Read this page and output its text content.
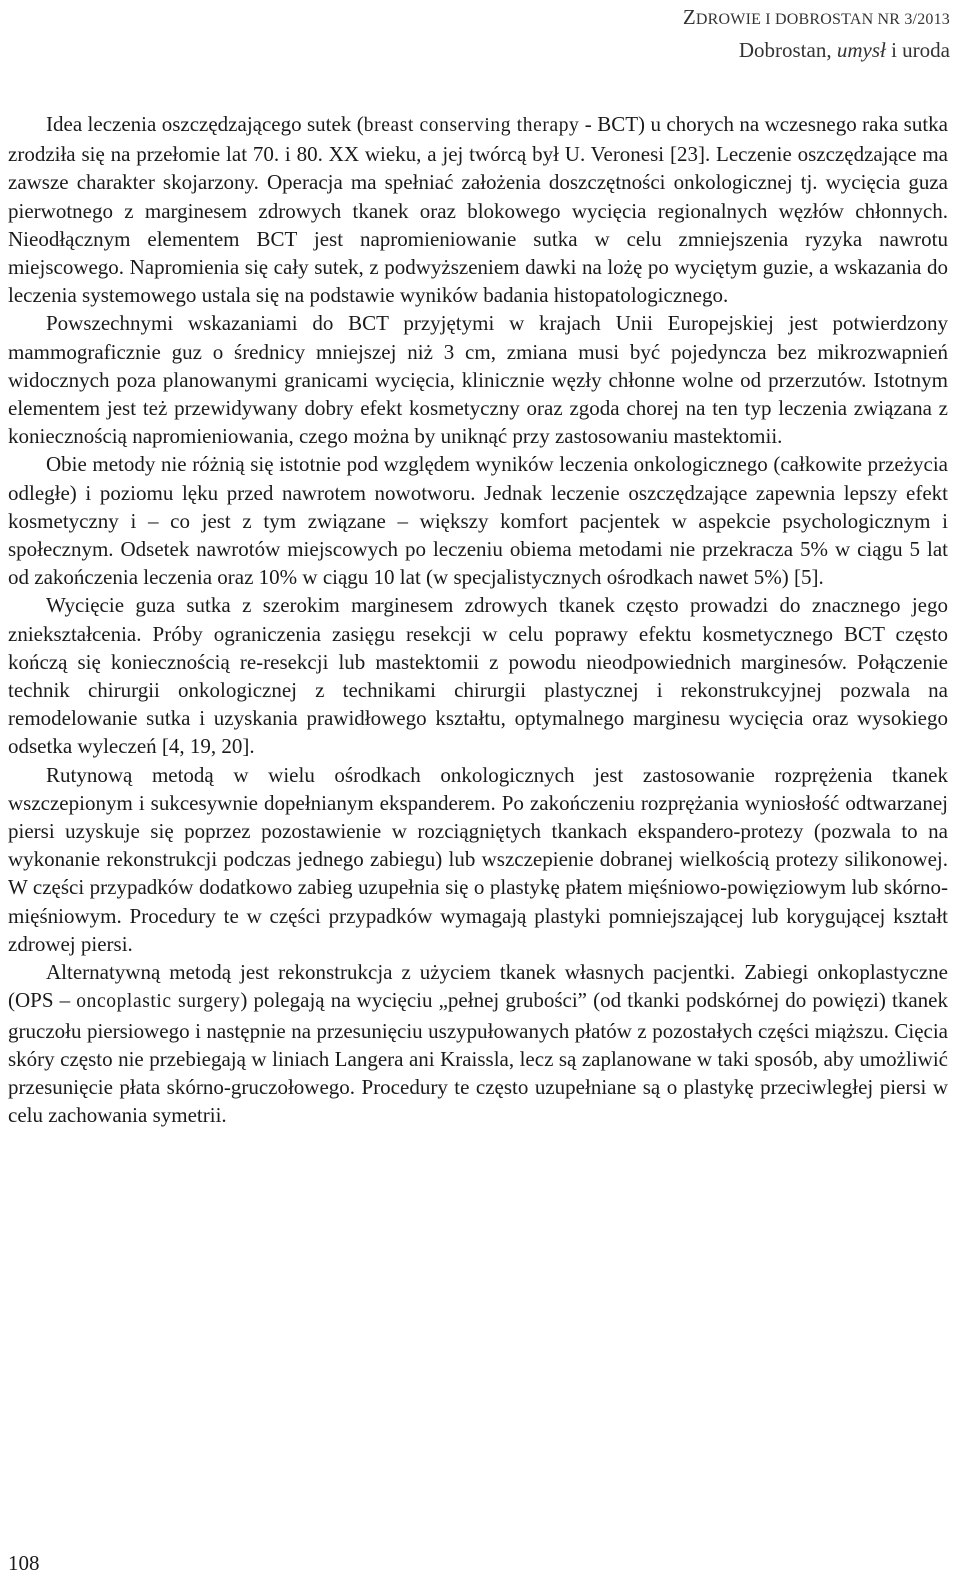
ZDROWIE I DOBROSTAN NR 3/2013
Dobrostan, umysł i uroda

Idea leczenia oszczędzającego sutek (breast conserving therapy - BCT) u chorych na wczesnego raka sutka zrodziła się na przełomie lat 70. i 80. XX wieku, a jej twórcą był U. Veronesi [23]. Leczenie oszczędzające ma zawsze charakter skojarzony. Operacja ma spełniać założenia doszczętności onkologicznej tj. wycięcia guza pierwotnego z marginesem zdrowych tkanek oraz blokowego wycięcia regionalnych węzłów chłonnych. Nieodłącznym elementem BCT jest napromieniowanie sutka w celu zmniejszenia ryzyka nawrotu miejscowego. Napromienia się cały sutek, z podwyższeniem dawki na lożę po wyciętym guzie, a wskazania do leczenia systemowego ustala się na podstawie wyników badania histopatologicznego.

Powszechnymi wskazaniami do BCT przyjętymi w krajach Unii Europejskiej jest potwierdzony mammograficznie guz o średnicy mniejszej niż 3 cm, zmiana musi być pojedyncza bez mikrozwapnień widocznych poza planowanymi granicami wycięcia, klinicznie węzły chłonne wolne od przerzutów. Istotnym elementem jest też przewidywany dobry efekt kosmetyczny oraz zgoda chorej na ten typ leczenia związana z koniecznością napromieniowania, czego można by uniknąć przy zastosowaniu mastektomii.

Obie metody nie różnią się istotnie pod względem wyników leczenia onkologicznego (całkowite przeżycia odległe) i poziomu lęku przed nawrotem nowotworu. Jednak leczenie oszczędzające zapewnia lepszy efekt kosmetyczny i – co jest z tym związane – większy komfort pacjentek w aspekcie psychologicznym i społecznym. Odsetek nawrotów miejscowych po leczeniu obiema metodami nie przekracza 5% w ciągu 5 lat od zakończenia leczenia oraz 10% w ciągu 10 lat (w specjalistycznych ośrodkach nawet 5%) [5].

Wycięcie guza sutka z szerokim marginesem zdrowych tkanek często prowadzi do znacznego jego zniekształcenia. Próby ograniczenia zasięgu resekcji w celu poprawy efektu kosmetycznego BCT często kończą się koniecznością re-resekcji lub mastektomii z powodu nieodpowiednich marginesów. Połączenie technik chirurgii onkologicznej z technikami chirurgii plastycznej i rekonstrukcyjnej pozwala na remodelowanie sutka i uzyskania prawidłowego kształtu, optymalnego marginesu wycięcia oraz wysokiego odsetka wyleczeń [4, 19, 20].

Rutynową metodą w wielu ośrodkach onkologicznych jest zastosowanie rozprężenia tkanek wszczepionym i sukcesywnie dopełnianym ekspanderem. Po zakończeniu rozprężania wyniosłość odtwarzanej piersi uzyskuje się poprzez pozostawienie w rozciągniętych tkankach ekspandero-protezy (pozwala to na wykonanie rekonstrukcji podczas jednego zabiegu) lub wszczepienie dobranej wielkością protezy silikonowej. W części przypadków dodatkowo zabieg uzupełnia się o plastykę płatem mięśniowo-powięziowym lub skórno-mięśniowym. Procedury te w części przypadków wymagają plastyki pomniejszającej lub korygującej kształt zdrowej piersi.

Alternatywną metodą jest rekonstrukcja z użyciem tkanek własnych pacjentki. Zabiegi onkoplastyczne (OPS – oncoplastic surgery) polegają na wycięciu „pełnej grubości” (od tkanki podskórnej do powięzi) tkanek gruczołu piersiowego i następnie na przesunięciu uszypułowanych płatów z pozostałych części miąższu. Cięcia skóry często nie przebiegają w liniach Langera ani Kraissla, lecz są zaplanowane w taki sposób, aby umożliwić przesunięcie płata skórno-gruczołowego. Procedury te często uzupełniane są o plastykę przeciwległej piersi w celu zachowania symetrii.

108
